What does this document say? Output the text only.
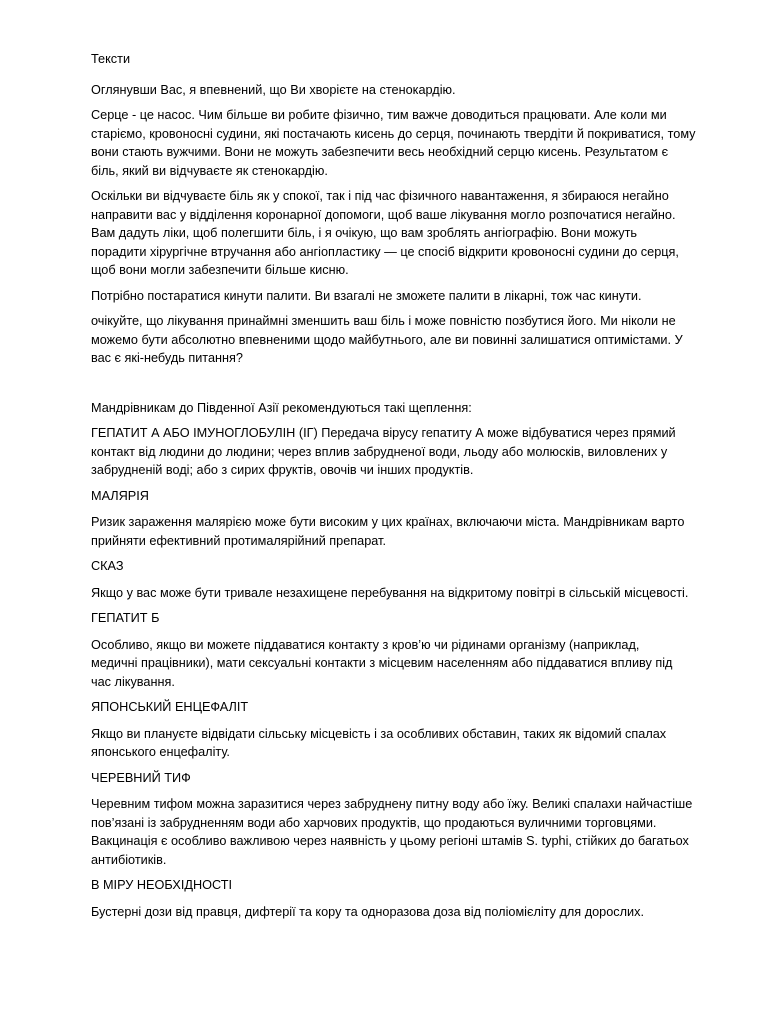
Тексти
Оглянувши Вас, я впевнений, що Ви хворієте на стенокардію.
Серце - це насос. Чим більше ви робите фізично, тим важче доводиться працювати. Але коли ми
старіємо, кровоносні судини, які постачають кисень до серця, починають твердіти й покриватися, тому
вони стають вужчими. Вони не можуть забезпечити весь необхідний серцю кисень. Результатом є
біль, який ви відчуваєте як стенокардію.
Оскільки ви відчуваєте біль як у спокої, так і під час фізичного навантаження, я збираюся негайно
направити вас у відділення коронарної допомоги, щоб ваше лікування могло розпочатися негайно.
Вам дадуть ліки, щоб полегшити біль, і я очікую, що вам зроблять ангіографію. Вони можуть
порадити хірургічне втручання або ангіопластику — це спосіб відкрити кровоносні судини до серця,
щоб вони могли забезпечити більше кисню.
Потрібно постаратися кинути палити. Ви взагалі не зможете палити в лікарні, тож час кинути.
очікуйте, що лікування принаймні зменшить ваш біль і може повністю позбутися його. Ми ніколи не
можемо бути абсолютно впевненими щодо майбутнього, але ви повинні залишатися оптимістами. У
вас є які-небудь питання?
Мандрівникам до Південної Азії рекомендуються такі щеплення:
ГЕПАТИТ А АБО ІМУНОГЛОБУЛІН (ІГ) Передача вірусу гепатиту А може відбуватися через прямий
контакт від людини до людини; через вплив забрудненої води, льоду або молюсків, виловлених у
забрудненій воді; або з сирих фруктів, овочів чи інших продуктів.
МАЛЯРІЯ
Ризик зараження малярією може бути високим у цих країнах, включаючи міста. Мандрівникам варто
прийняти ефективний протималярійний препарат.
СКАЗ
Якщо у вас може бути тривале незахищене перебування на відкритому повітрі в сільській місцевості.
ГЕПАТИТ Б
Особливо, якщо ви можете піддаватися контакту з кров’ю чи рідинами організму (наприклад,
медичні працівники), мати сексуальні контакти з місцевим населенням або піддаватися впливу під
час лікування.
ЯПОНСЬКИЙ ЕНЦЕФАЛІТ
Якщо ви плануєте відвідати сільську місцевість і за особливих обставин, таких як відомий спалах
японського енцефаліту.
ЧЕРЕВНИЙ ТИФ
Черевним тифом можна заразитися через забруднену питну воду або їжу. Великі спалахи найчастіше
пов’язані із забрудненням води або харчових продуктів, що продаються вуличними торговцями.
Вакцинація є особливо важливою через наявність у цьому регіоні штамів S. typhi, стійких до багатьох
антибіотиків.
В МІРУ НЕОБХІДНОСТІ
Бустерні дози від правця, дифтерії та кору та одноразова доза від поліомієліту для дорослих.
